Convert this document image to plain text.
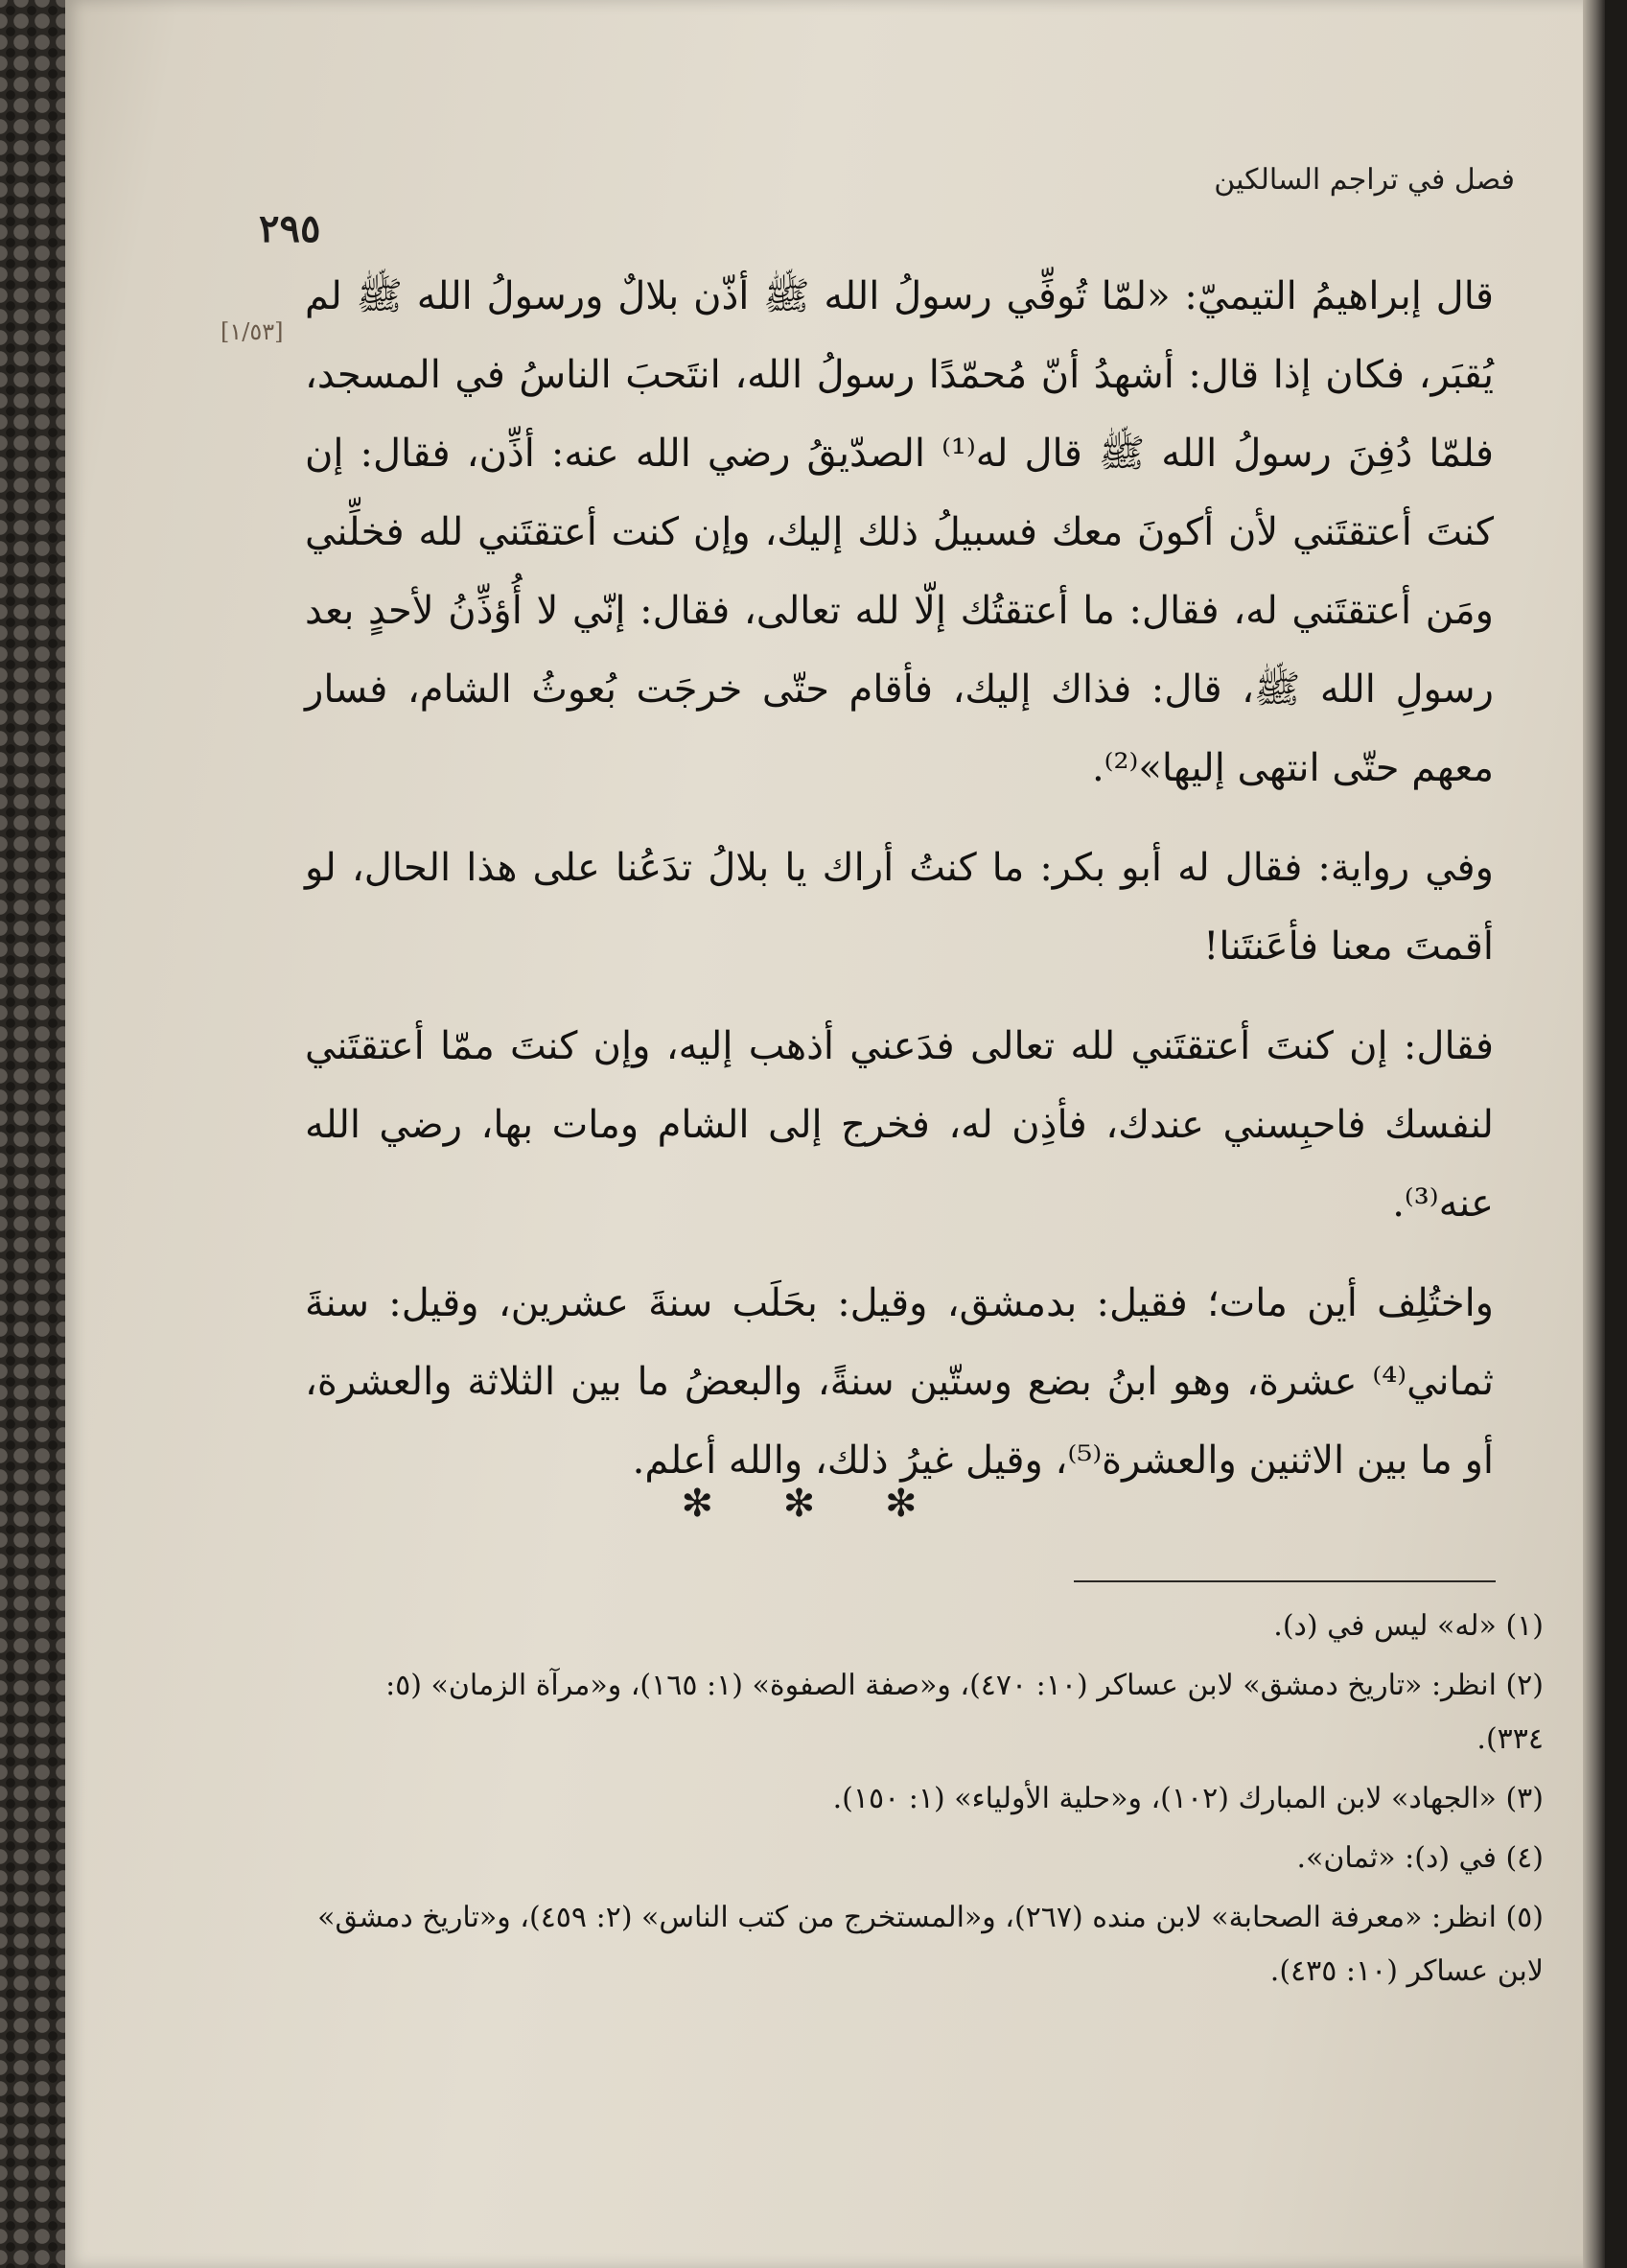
فصل في تراجم السالكين
٢٩٥
[١/٥٣]

قال إبراهيمُ التيميّ: «لمّا تُوفِّي رسولُ الله ﷺ أذّن بلالٌ ورسولُ الله ﷺ لم يُقبَر، فكان إذا قال: أشهدُ أنّ مُحمّدًا رسولُ الله، انتَحبَ الناسُ في المسجد، فلمّا دُفِنَ رسولُ الله ﷺ قال له⁽¹⁾ الصدّيقُ رضي الله عنه: أذِّن، فقال: إن كنتَ أعتقتَني لأن أكونَ معك فسبيلُ ذلك إليك، وإن كنت أعتقتَني لله فخلِّني ومَن أعتقتَني له، فقال: ما أعتقتُك إلّا لله تعالى، فقال: إنّي لا أُؤذِّنُ لأحدٍ بعد رسولِ الله ﷺ، قال: فذاك إليك، فأقام حتّى خرجَت بُعوثُ الشام، فسار معهم حتّى انتهى إليها»⁽²⁾.

وفي رواية: فقال له أبو بكر: ما كنتُ أراك يا بلالُ تدَعُنا على هذا الحال، لو أقمتَ معنا فأعَنتَنا!

فقال: إن كنتَ أعتقتَني لله تعالى فدَعني أذهب إليه، وإن كنتَ ممّا أعتقتَني لنفسك فاحبِسني عندك، فأذِن له، فخرج إلى الشام ومات بها، رضي الله عنه⁽³⁾.

واختُلِف أين مات؛ فقيل: بدمشق، وقيل: بحَلَب سنةَ عشرين، وقيل: سنةَ ثماني⁽⁴⁾ عشرة، وهو ابنُ بضع وستّين سنةً، والبعضُ ما بين الثلاثة والعشرة، أو ما بين الاثنين والعشرة⁽⁵⁾، وقيل غيرُ ذلك، والله أعلم.

✻ ✻ ✻
(١) «له» ليس في (د).
(٢) انظر: «تاريخ دمشق» لابن عساكر (١٠: ٤٧٠)، و«صفة الصفوة» (١: ١٦٥)، و«مرآة الزمان» (٥: ٣٣٤).
(٣) «الجهاد» لابن المبارك (١٠٢)، و«حلية الأولياء» (١: ١٥٠).
(٤) في (د): «ثمان».
(٥) انظر: «معرفة الصحابة» لابن منده (٢٦٧)، و«المستخرج من كتب الناس» (٢: ٤٥٩)، و«تاريخ دمشق» لابن عساكر (١٠: ٤٣٥).
